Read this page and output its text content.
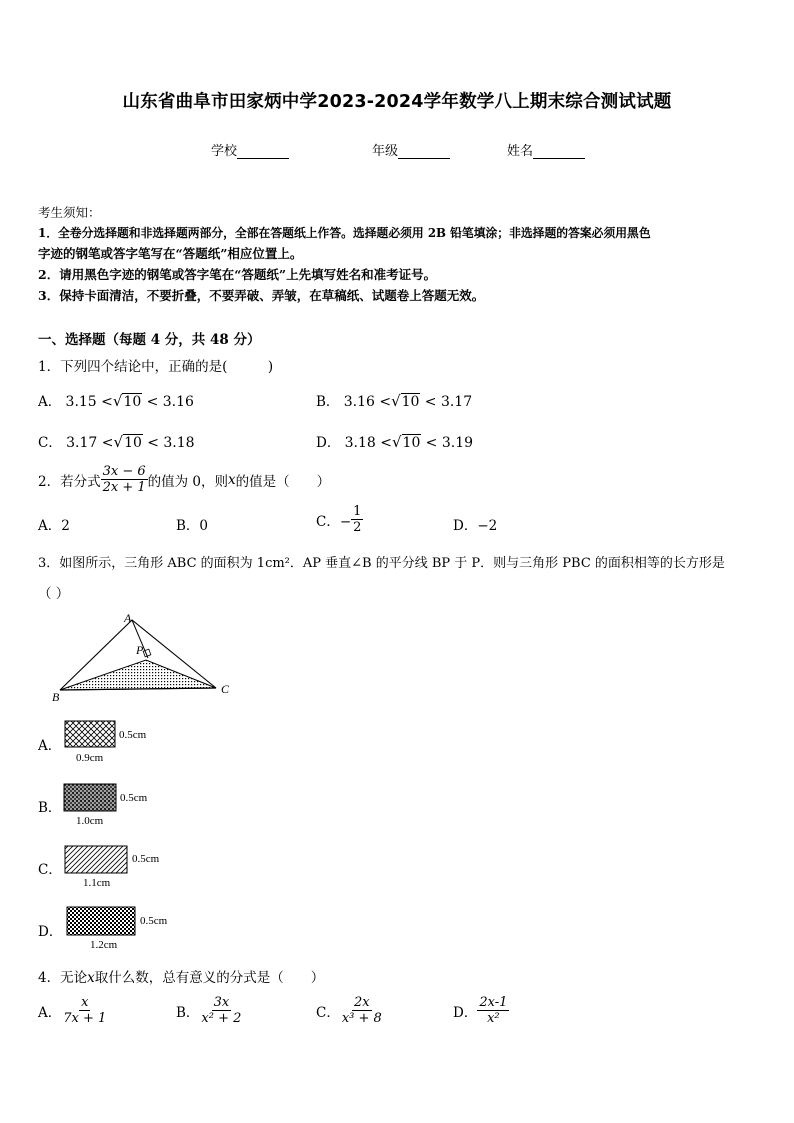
山东省曲阜市田家炳中学2023-2024学年数学八上期末综合测试试题
学校	年级	姓名
考生须知：
1．全卷分选择题和非选择题两部分，全部在答题纸上作答。选择题必须用 2B 铅笔填涂；非选择题的答案必须用黑色
字迹的钢笔或答字笔写在“答题纸”相应位置上。
2．请用黑色字迹的钢笔或答字笔在“答题纸”上先填写姓名和准考证号。
3．保持卡面清洁，不要折叠，不要弄破、弄皱，在草稿纸、试题卷上答题无效。
一、选择题（每题 4 分，共 48 分）
1．下列四个结论中，正确的是(　　　)
A． 3.15 <√10 < 3.16	B． 3.16 <√10 < 3.17
C． 3.17 <√10 < 3.18	D． 3.18 <√10 < 3.19
2．若分式 $\frac{3x - 6}{2x + 1}$ 的值为 0，则 x 的值是（　　）
A．2	B．0	C．− $\frac{1}{2}$	D．−2
3．如图所示，三角形 ABC 的面积为 1cm²．AP 垂直∠B 的平分线 BP 于 P．则与三角形 PBC 的面积相等的长方形是
（ ）
A
P
B
C
A．
0.5cm
0.9cm
B．
0.5cm
1.0cm
C．
0.5cm
1.1cm
D．
0.5cm
1.2cm
4．无论x取什么数，总有意义的分式是（　　）
A． $\frac{x}{7x + 1}$	B． $\frac{3x}{\text{x² + 2}}$	C． $\frac{2x}{\text{x³ + 8}}$	D． $\frac{2x-1}{\text{x²}}$
